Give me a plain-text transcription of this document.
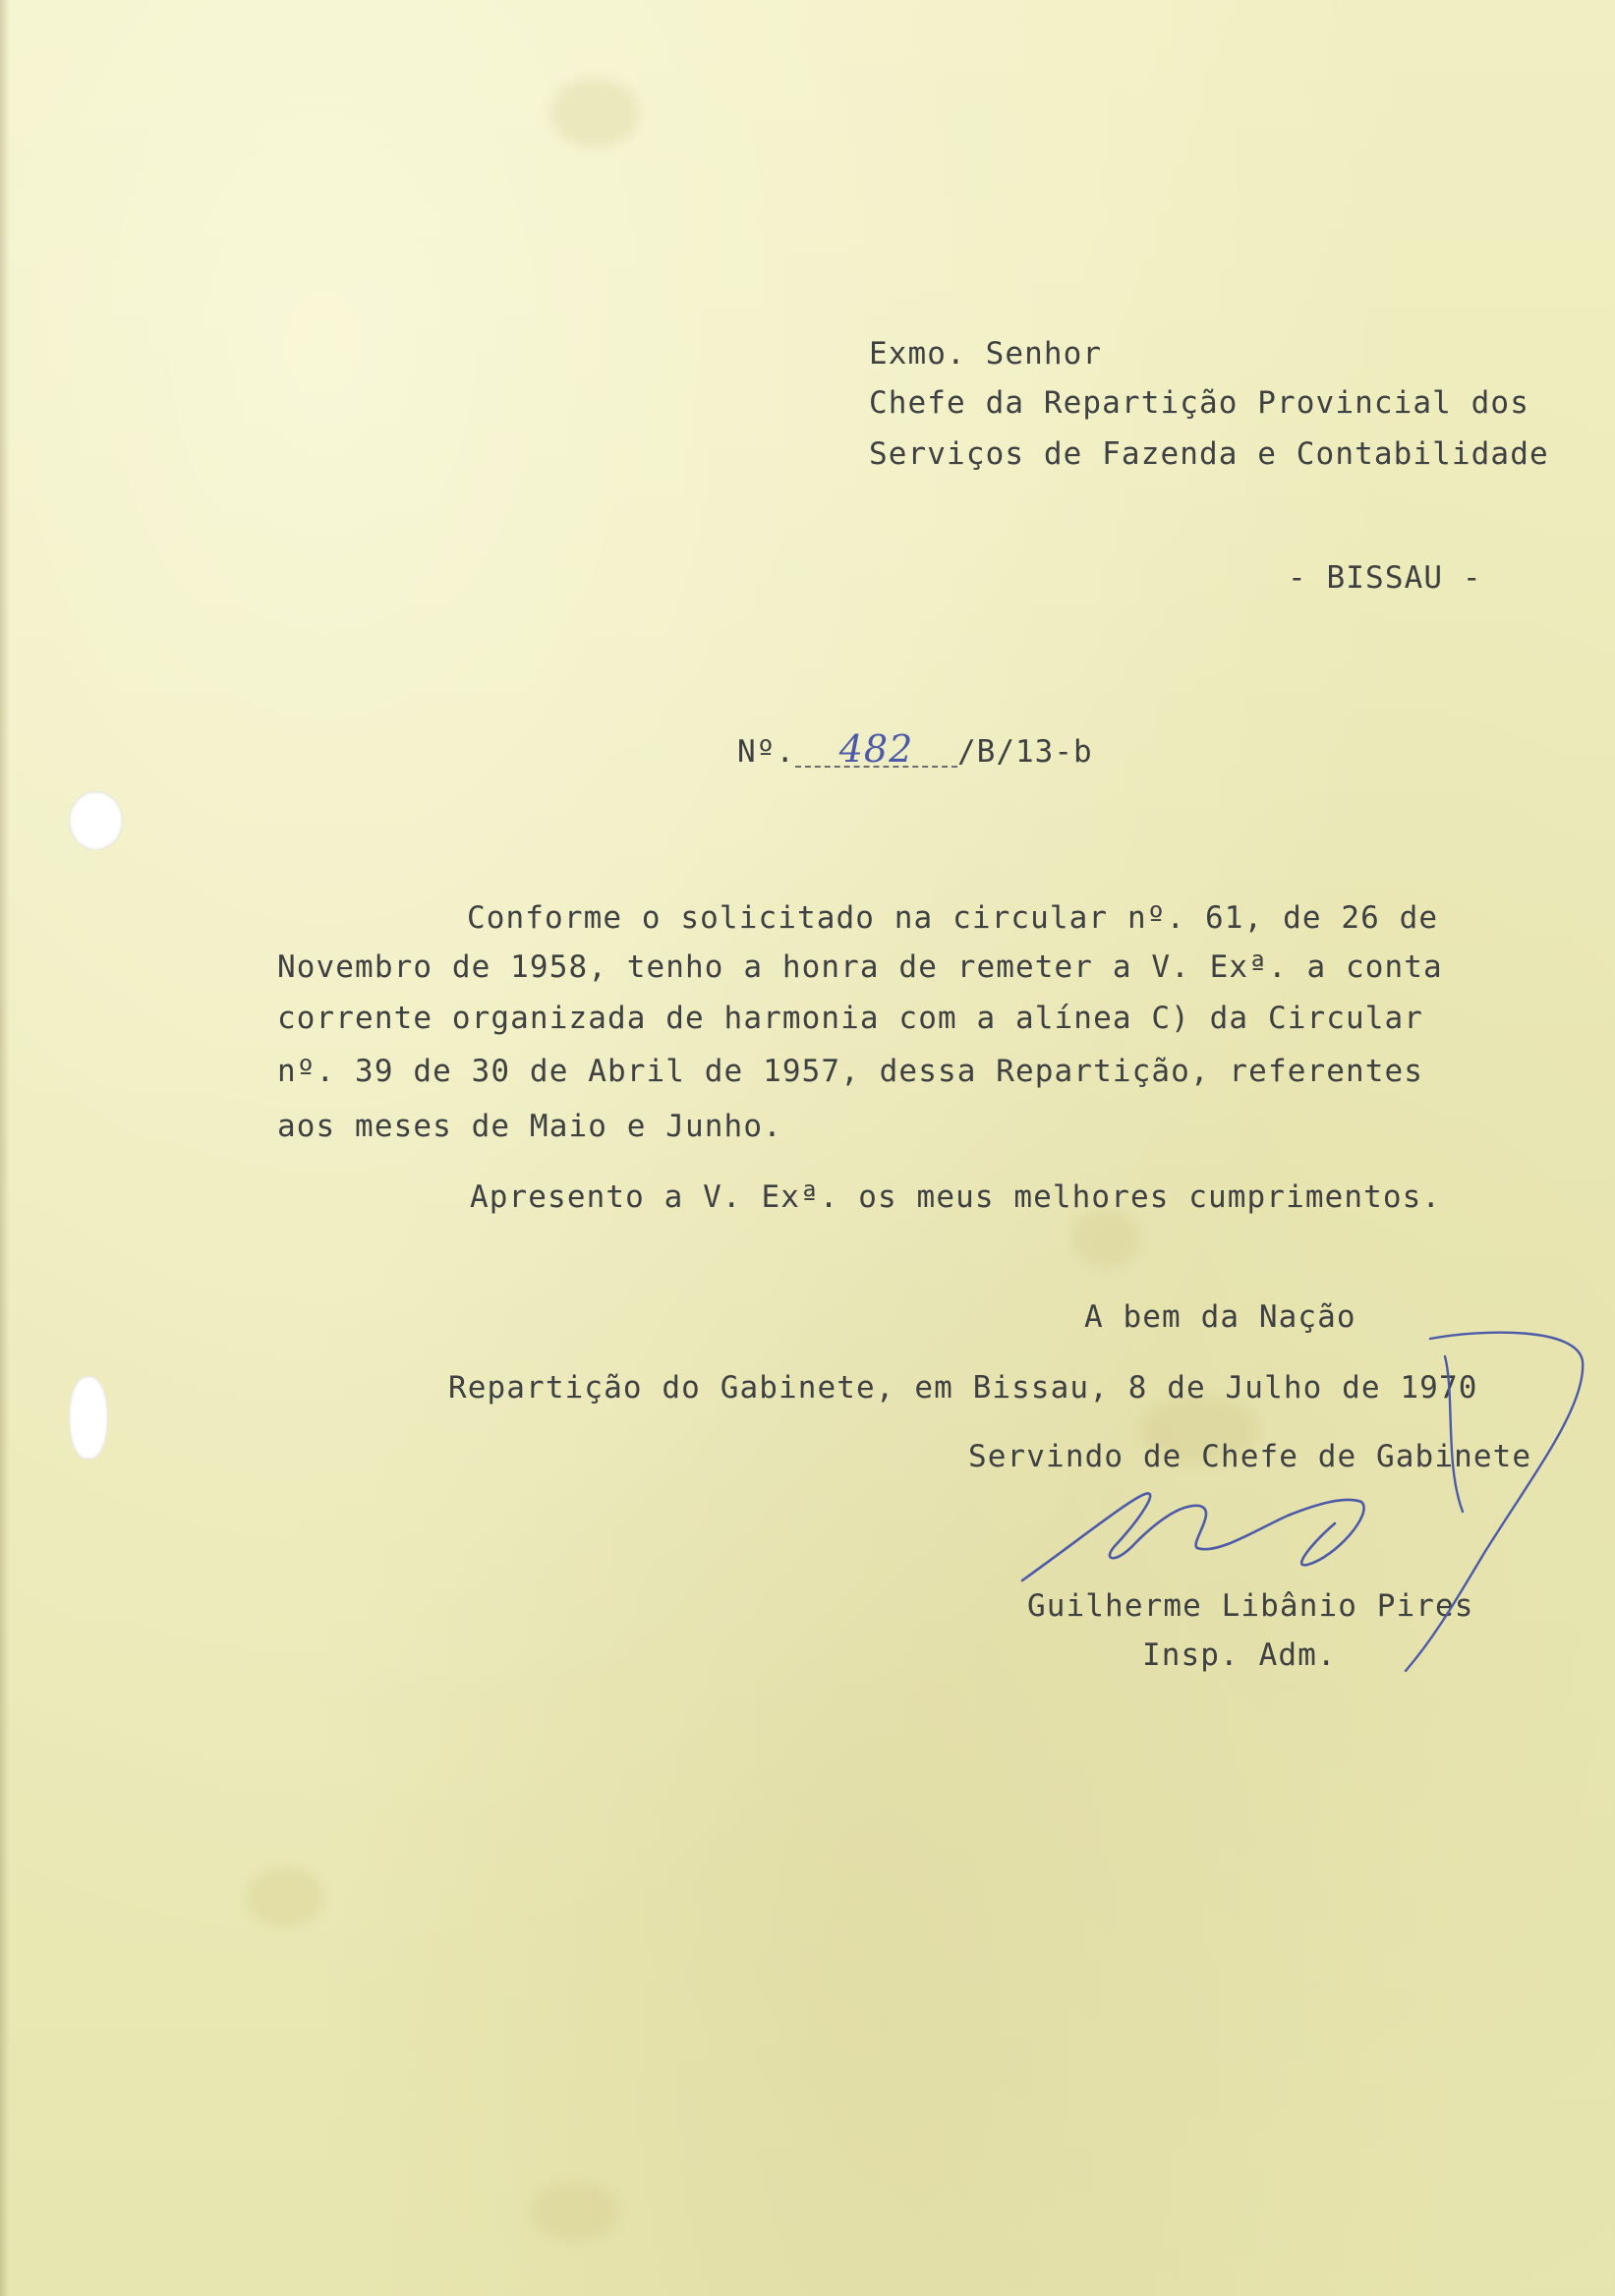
Exmo. Senhor
Chefe da Repartição Provincial dos
Serviços de Fazenda e Contabilidade
- BISSAU -
Nº. 482 /B/13-b
Conforme o solicitado na circular nº. 61, de 26 de
Novembro de 1958, tenho a honra de remeter a V. Exª. a conta
corrente organizada de harmonia com a alínea C) da Circular
nº. 39 de 30 de Abril de 1957, dessa Repartição, referentes
aos meses de Maio e Junho.
Apresento a V. Exª. os meus melhores cumprimentos.
A bem da Nação
Repartição do Gabinete, em Bissau, 8 de Julho de 1970
Servindo de Chefe de Gabinete
Guilherme Libânio Pires
Insp. Adm.
